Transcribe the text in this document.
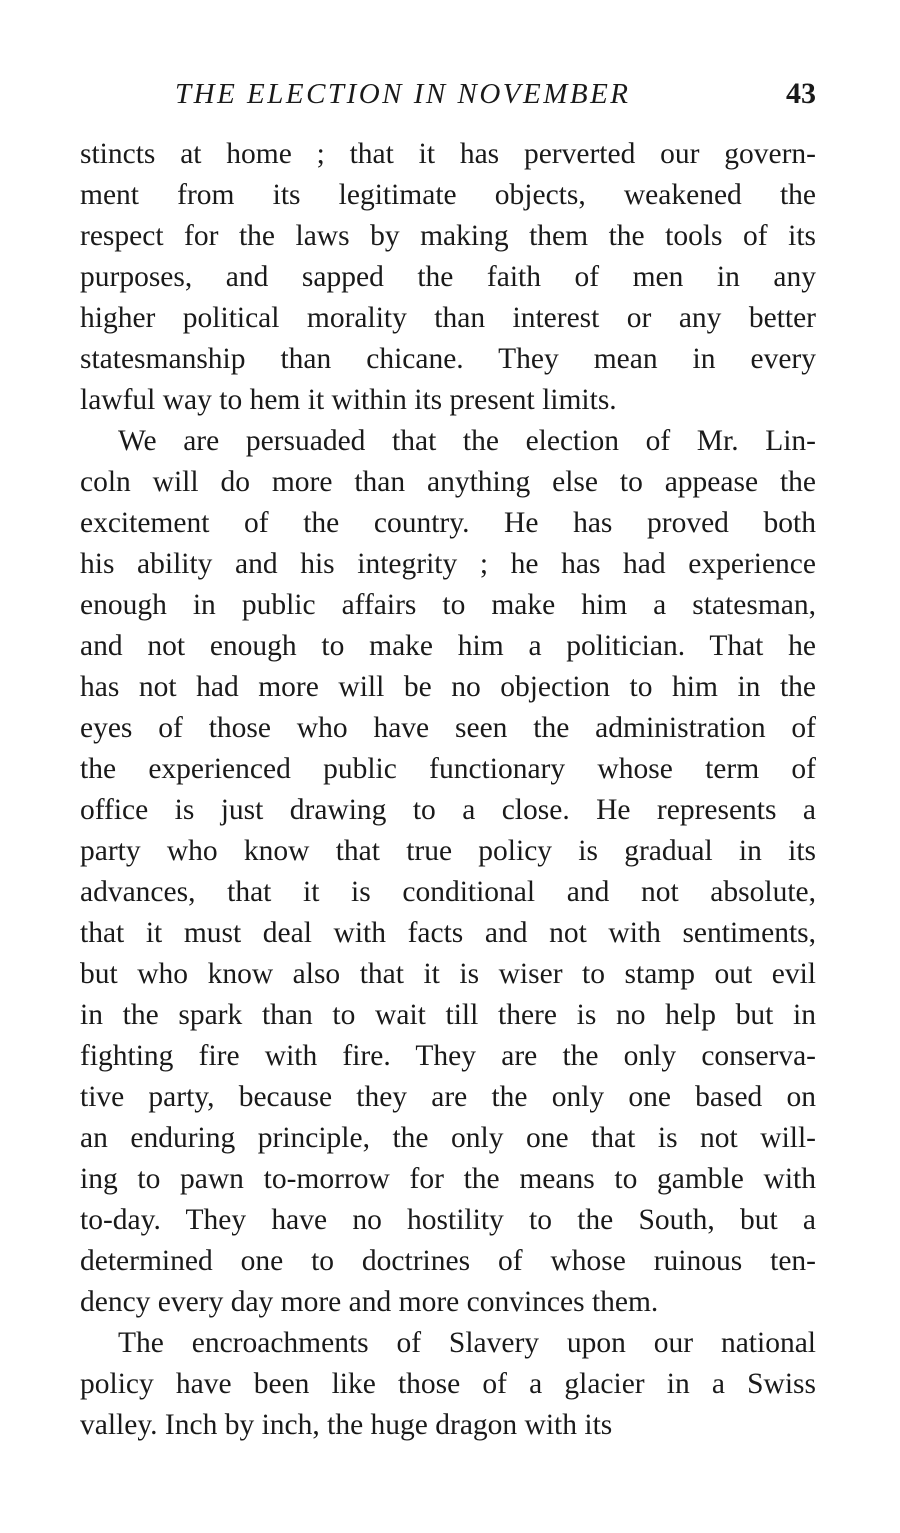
THE ELECTION IN NOVEMBER	43
stincts at home ; that it has perverted our govern-
ment from its legitimate objects, weakened the
respect for the laws by making them the tools of its
purposes, and sapped the faith of men in any
higher political morality than interest or any better
statesmanship than chicane. They mean in every
lawful way to hem it within its present limits.
We are persuaded that the election of Mr. Lin-
coln will do more than anything else to appease the
excitement of the country. He has proved both
his ability and his integrity ; he has had experience
enough in public affairs to make him a statesman,
and not enough to make him a politician. That he
has not had more will be no objection to him in the
eyes of those who have seen the administration of
the experienced public functionary whose term of
office is just drawing to a close. He represents a
party who know that true policy is gradual in its
advances, that it is conditional and not absolute,
that it must deal with facts and not with sentiments,
but who know also that it is wiser to stamp out evil
in the spark than to wait till there is no help but in
fighting fire with fire. They are the only conserva-
tive party, because they are the only one based on
an enduring principle, the only one that is not will-
ing to pawn to-morrow for the means to gamble with
to-day. They have no hostility to the South, but a
determined one to doctrines of whose ruinous ten-
dency every day more and more convinces them.
The encroachments of Slavery upon our national
policy have been like those of a glacier in a Swiss
valley. Inch by inch, the huge dragon with its
